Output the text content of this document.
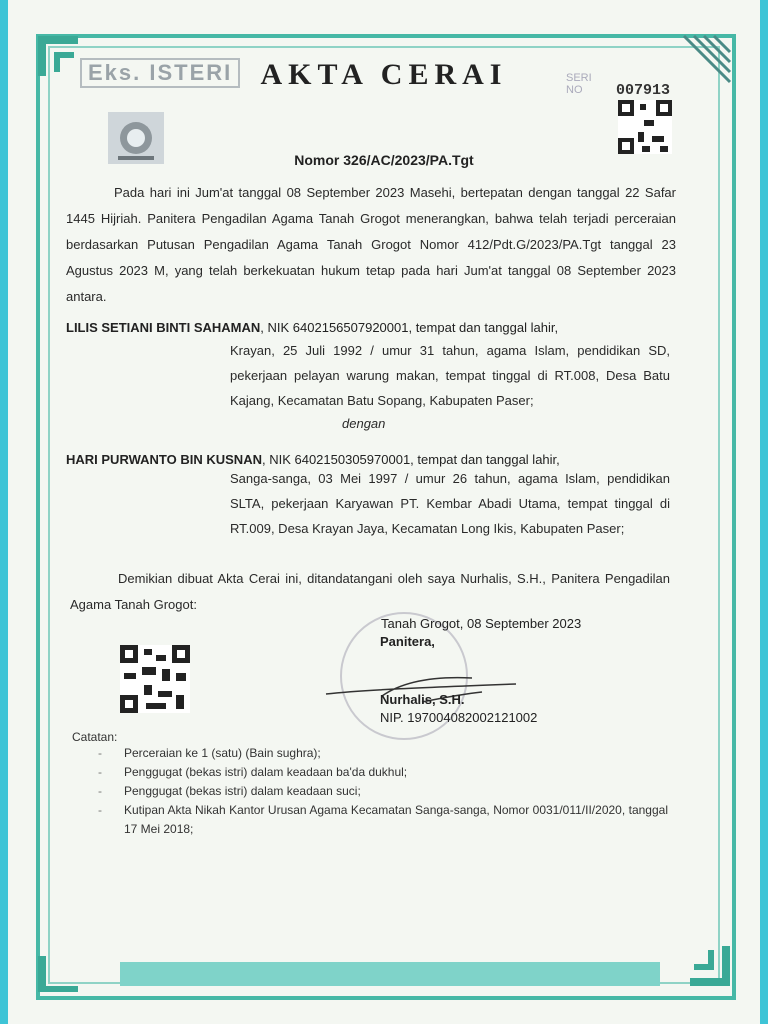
Eks. ISTERI AKTA CERAI	SERI
NO	007913
Nomor 326/AC/2023/PA.Tgt
Pada hari ini Jum'at tanggal 08 September 2023 Masehi, bertepatan dengan tanggal 22 Safar 1445 Hijriah. Panitera Pengadilan Agama Tanah Grogot menerangkan, bahwa telah terjadi perceraian berdasarkan Putusan Pengadilan Agama Tanah Grogot Nomor 412/Pdt.G/2023/PA.Tgt tanggal 23 Agustus 2023 M, yang telah berkekuatan hukum tetap pada hari Jum'at tanggal 08 September 2023 antara.
LILIS SETIANI BINTI SAHAMAN, NIK 6402156507920001, tempat dan tanggal lahir,
Krayan, 25 Juli 1992 / umur 31 tahun, agama Islam, pendidikan SD, pekerjaan pelayan warung makan, tempat tinggal di RT.008, Desa Batu Kajang, Kecamatan Batu Sopang, Kabupaten Paser;
dengan
HARI PURWANTO BIN KUSNAN, NIK 6402150305970001, tempat dan tanggal lahir,
Sanga-sanga, 03 Mei 1997 / umur 26 tahun, agama Islam, pendidikan SLTA, pekerjaan Karyawan PT. Kembar Abadi Utama, tempat tinggal di RT.009, Desa Krayan Jaya, Kecamatan Long Ikis, Kabupaten Paser;
Demikian dibuat Akta Cerai ini, ditandatangani oleh saya Nurhalis, S.H., Panitera Pengadilan Agama Tanah Grogot:
Tanah Grogot, 08 September 2023
Panitera,
Nurhalis, S.H.
NIP. 197004082002121002
Catatan:
- Perceraian ke 1 (satu) (Bain sughra);
- Penggugat (bekas istri) dalam keadaan ba'da dukhul;
- Penggugat (bekas istri) dalam keadaan suci;
- Kutipan Akta Nikah Kantor Urusan Agama Kecamatan Sanga-sanga, Nomor 0031/011/II/2020, tanggal 17 Mei 2018;
